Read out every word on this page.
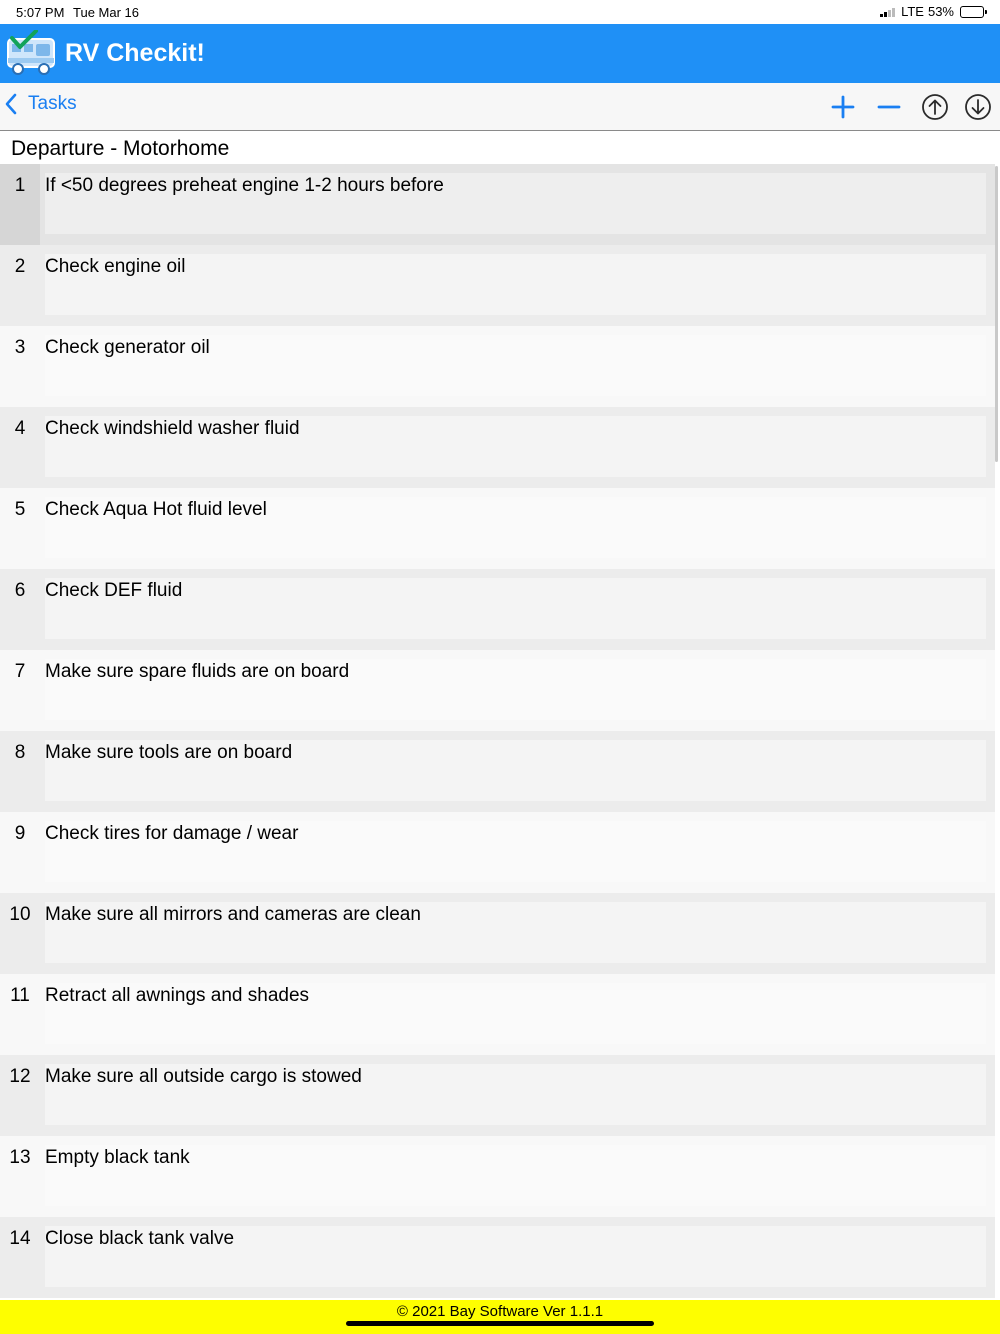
5:07 PM Tue Mar 16	LTE 53%
RV Checkit!
Tasks
Departure - Motorhome
1	If <50 degrees preheat engine 1-2 hours before
2	Check engine oil
3	Check generator oil
4	Check windshield washer fluid
5	Check Aqua Hot fluid level
6	Check DEF fluid
7	Make sure spare fluids are on board
8	Make sure tools are on board
9	Check tires for damage / wear
10 Make sure all mirrors and cameras are clean
11 Retract all awnings and shades
12 Make sure all outside cargo is stowed
13 Empty black tank
14 Close black tank valve
© 2021 Bay Software Ver 1.1.1
